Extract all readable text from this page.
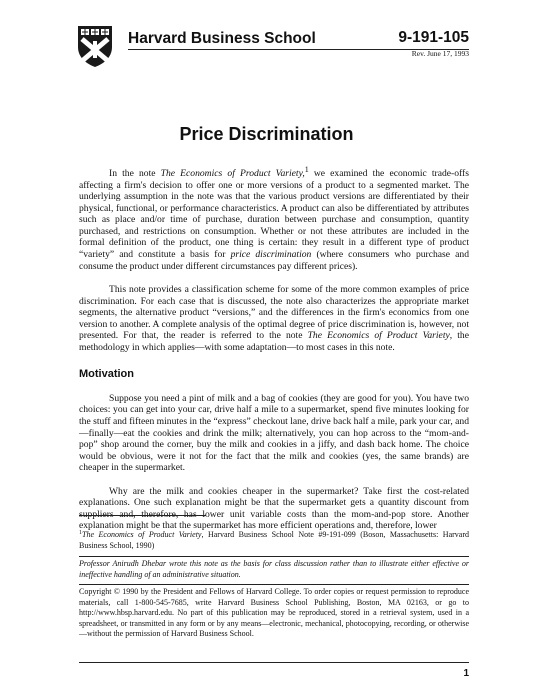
Harvard Business School	9-191-105
Rev. June 17, 1993
Price Discrimination

In the note The Economics of Product Variety,$^1$ we examined the economic trade-offs affecting a firm's decision to offer one or more versions of a product to a segmented market. The underlying assumption in the note was that the various product versions are differentiated by their physical, functional, or performance characteristics. A product can also be differentiated by attributes such as place and/or time of purchase, duration between purchase and consumption, quantity purchased, and restrictions on consumption. Whether or not these attributes are included in the formal definition of the product, one thing is certain: they result in a different type of product “variety” and constitute a basis for price discrimination (where consumers who purchase and consume the product under different circumstances pay different prices).

This note provides a classification scheme for some of the more common examples of price discrimination. For each case that is discussed, the note also characterizes the appropriate market segments, the alternative product “versions,” and the differences in the firm's economics from one version to another. A complete analysis of the optimal degree of price discrimination is, however, not presented. For that, the reader is referred to the note The Economics of Product Variety, the methodology in which applies—with some adaptation—to most cases in this note.

Motivation

Suppose you need a pint of milk and a bag of cookies (they are good for you). You have two choices: you can get into your car, drive half a mile to a supermarket, spend five minutes looking for the stuff and fifteen minutes in the “express” checkout lane, drive back half a mile, park your car, and—finally—eat the cookies and drink the milk; alternatively, you can hop across to the “mom-and-pop” shop around the corner, buy the milk and cookies in a jiffy, and dash back home. The choice would be obvious, were it not for the fact that the milk and cookies (yes, the same brands) are cheaper in the supermarket.

Why are the milk and cookies cheaper in the supermarket? Take first the cost-related explanations. One such explanation might be that the supermarket gets a quantity discount from suppliers and, therefore, has lower unit variable costs than the mom-and-pop store. Another explanation might be that the supermarket has more efficient operations and, therefore, lower

$^1$The Economics of Product Variety, Harvard Business School Note #9-191-099 (Boson, Massachusetts: Harvard Business School, 1990)
Professor Anirudh Dhebar wrote this note as the basis for class discussion rather than to illustrate either effective or ineffective handling of an administrative situation.
Copyright © 1990 by the President and Fellows of Harvard College. To order copies or request permission to reproduce materials, call 1-800-545-7685, write Harvard Business School Publishing, Boston, MA 02163, or go to http://www.hbsp.harvard.edu. No part of this publication may be reproduced, stored in a retrieval system, used in a spreadsheet, or transmitted in any form or by any means—electronic, mechanical, photocopying, recording, or otherwise—without the permission of Harvard Business School.
1
